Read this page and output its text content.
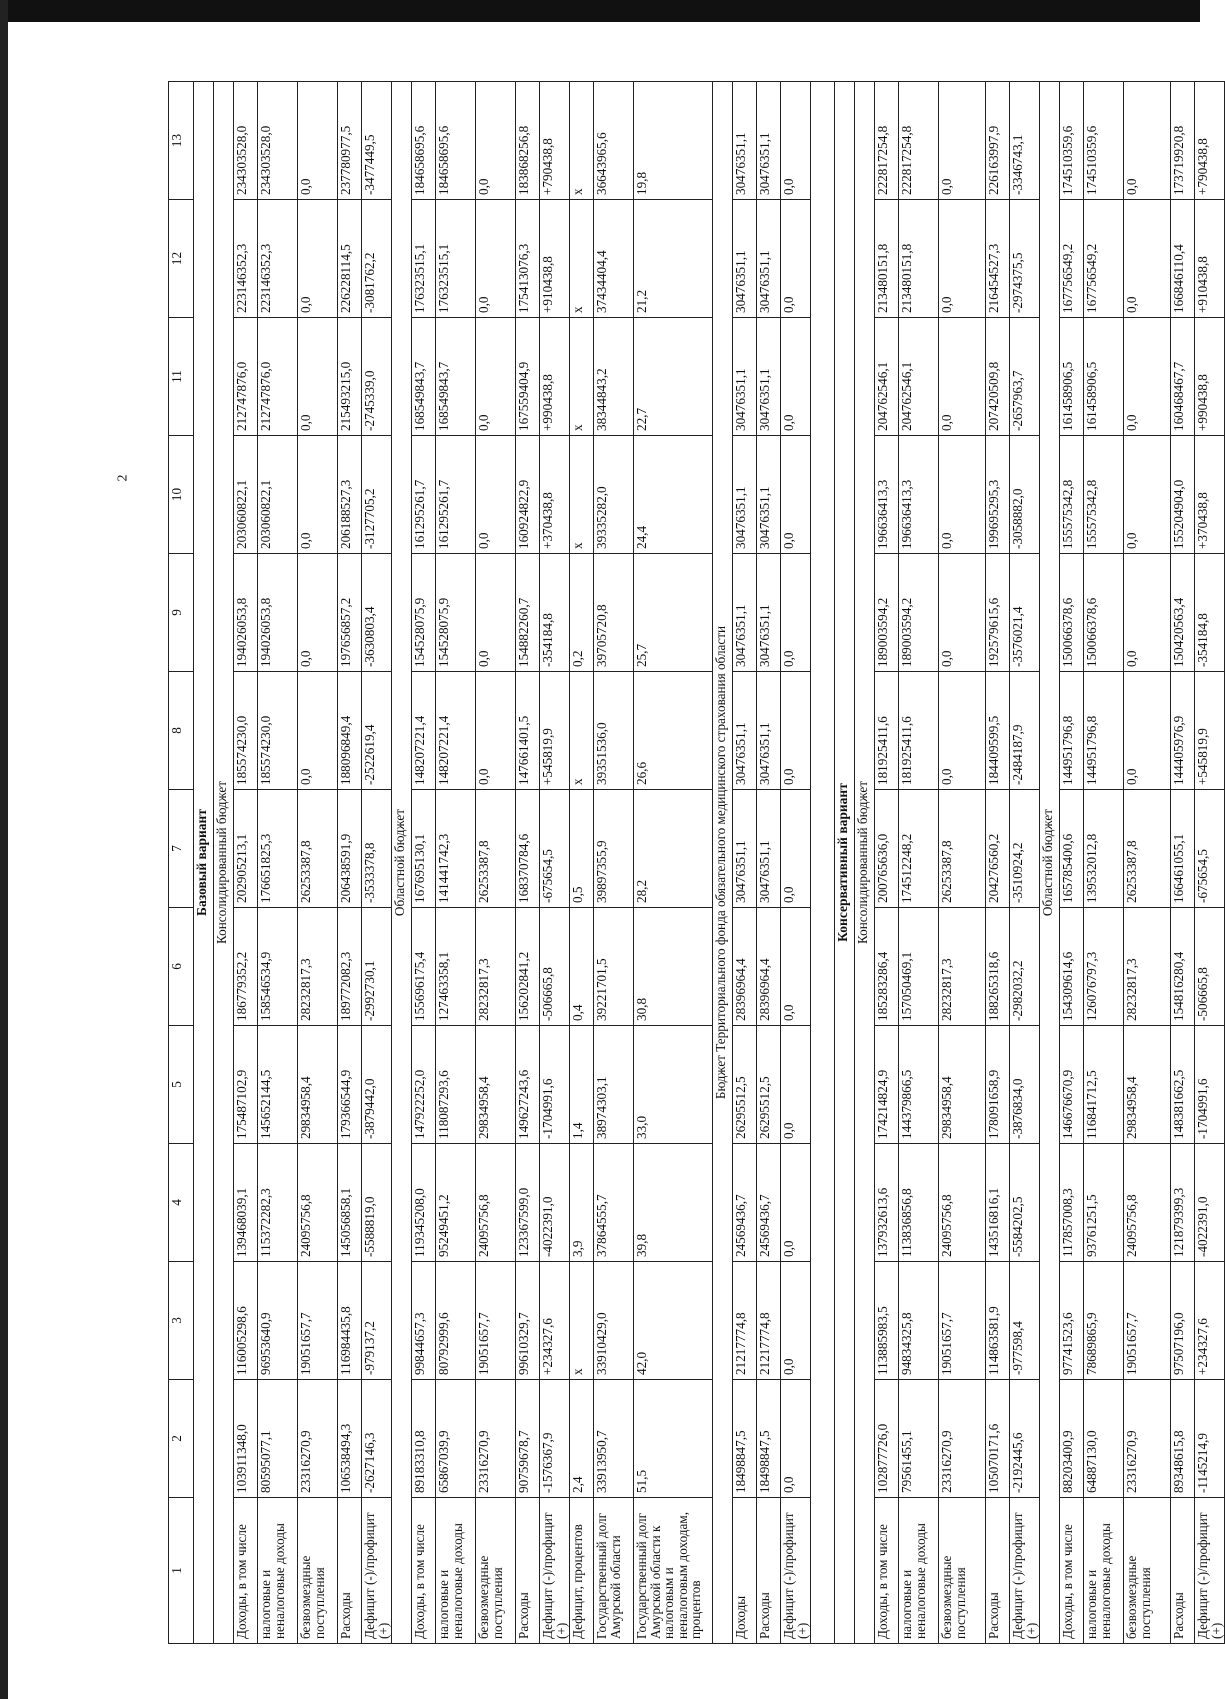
2
1	2	3	4	5	6	7	8	9	10	11	12	13
Базовый вариант												
Консолидированный бюджет												
Доходы, в том числе	103911348,0	116005298,6	139468039,1	175487102,9	186779352,2	202905213,1	185574230,0	194026053,8	203060822,1	212747876,0	223146352,3	234303528,0
налоговые и неналоговые доходы	80595077,1	96953640,9	115372282,3	145652144,5	158546534,9	176651825,3	185574230,0	194026053,8	203060822,1	212747876,0	223146352,3	234303528,0
безвозмездные поступления	23316270,9	19051657,7	24095756,8	29834958,4	28232817,3	26253387,8	0,0	0,0	0,0	0,0	0,0	0,0
Расходы	106538494,3	116984435,8	145056858,1	179366544,9	189772082,3	206438591,9	188096849,4	197656857,2	206188527,3	215493215,0	226228114,5	237780977,5
Дефицит (-)/профицит (+)	-2627146,3	-979137,2	-5588819,0	-3879442,0	-2992730,1	-3533378,8	-2522619,4	-3630803,4	-3127705,2	-2745339,0	-3081762,2	-3477449,5
Областной бюджет												
Доходы, в том числе	89183310,8	99844657,3	119345208,0	147922252,0	155696175,4	167695130,1	148207221,4	154528075,9	161295261,7	168549843,7	176323515,1	184658695,6
налоговые и неналоговые доходы	65867039,9	80792999,6	95249451,2	118087293,6	127463358,1	141441742,3	148207221,4	154528075,9	161295261,7	168549843,7	176323515,1	184658695,6
безвозмездные поступления	23316270,9	19051657,7	24095756,8	29834958,4	28232817,3	26253387,8	0,0	0,0	0,0	0,0	0,0	0,0
Расходы	90759678,7	99610329,7	123367599,0	149627243,6	156202841,2	168370784,6	147661401,5	154882260,7	160924822,9	167559404,9	175413076,3	183868256,8
Дефицит (-)/профицит (+)	-1576367,9	+234327,6	-4022391,0	-1704991,6	-506665,8	-675654,5	+545819,9	-354184,8	+370438,8	+990438,8	+910438,8	+790438,8
Дефицит, процентов	2,4	x	3,9	1,4	0,4	0,5	x	0,2	x	x	x	x
Государственный долг Амурской области	33913950,7	33910429,0	37864555,7	38974303,1	39221701,5	39897355,9	39351536,0	39705720,8	39335282,0	38344843,2	37434404,4	36643965,6
Государственный долг Амурской области к налоговым и неналоговым доходам, процентов	51,5	42,0	39,8	33,0	30,8	28,2	26,6	25,7	24,4	22,7	21,2	19,8
Бюджет Территориального фонда обязательного медицинского страхования области												
Доходы	18498847,5	21217774,8	24569436,7	26295512,5	28396964,4	30476351,1	30476351,1	30476351,1	30476351,1	30476351,1	30476351,1	30476351,1
Расходы	18498847,5	21217774,8	24569436,7	26295512,5	28396964,4	30476351,1	30476351,1	30476351,1	30476351,1	30476351,1	30476351,1	30476351,1
Дефицит (-)/профицит (+)	0,0	0,0	0,0	0,0	0,0	0,0	0,0	0,0	0,0	0,0	0,0	0,0

Консервативный вариант												
Консолидированный бюджет												
Доходы, в том числе	102877726,0	113885983,5	137932613,6	174214824,9	185283286,4	200765636,0	181925411,6	189003594,2	196636413,3	204762546,1	213480151,8	222817254,8
налоговые и неналоговые доходы	79561455,1	94834325,8	113836856,8	144379866,5	157050469,1	174512248,2	181925411,6	189003594,2	196636413,3	204762546,1	213480151,8	222817254,8
безвозмездные поступления	23316270,9	19051657,7	24095756,8	29834958,4	28232817,3	26253387,8	0,0	0,0	0,0	0,0	0,0	0,0
Расходы	105070171,6	114863581,9	143516816,1	178091658,9	188265318,6	204276560,2	184409599,5	192579615,6	199695295,3	207420509,8	216454527,3	226163997,9
Дефицит (-)/профицит (+)	-2192445,6	-977598,4	-5584202,5	-3876834,0	-2982032,2	-3510924,2	-2484187,9	-3576021,4	-3058882,0	-2657963,7	-2974375,5	-3346743,1
Областной бюджет												
Доходы, в том числе	88203400,9	97741523,6	117857008,3	146676670,9	154309614,6	165785400,6	144951796,8	150066378,6	155575342,8	161458906,5	167756549,2	174510359,6
налоговые и неналоговые доходы	64887130,0	78689865,9	93761251,5	116841712,5	126076797,3	139532012,8	144951796,8	150066378,6	155575342,8	161458906,5	167756549,2	174510359,6
безвозмездные поступления	23316270,9	19051657,7	24095756,8	29834958,4	28232817,3	26253387,8	0,0	0,0	0,0	0,0	0,0	0,0
Расходы	89348615,8	97507196,0	121879399,3	148381662,5	154816280,4	166461055,1	144405976,9	150420563,4	155204904,0	160468467,7	166846110,4	173719920,8
Дефицит (-)/профицит (+)	-1145214,9	+234327,6	-4022391,0	-1704991,6	-506665,8	-675654,5	+545819,9	-354184,8	+370438,8	+990438,8	+910438,8	+790438,8
